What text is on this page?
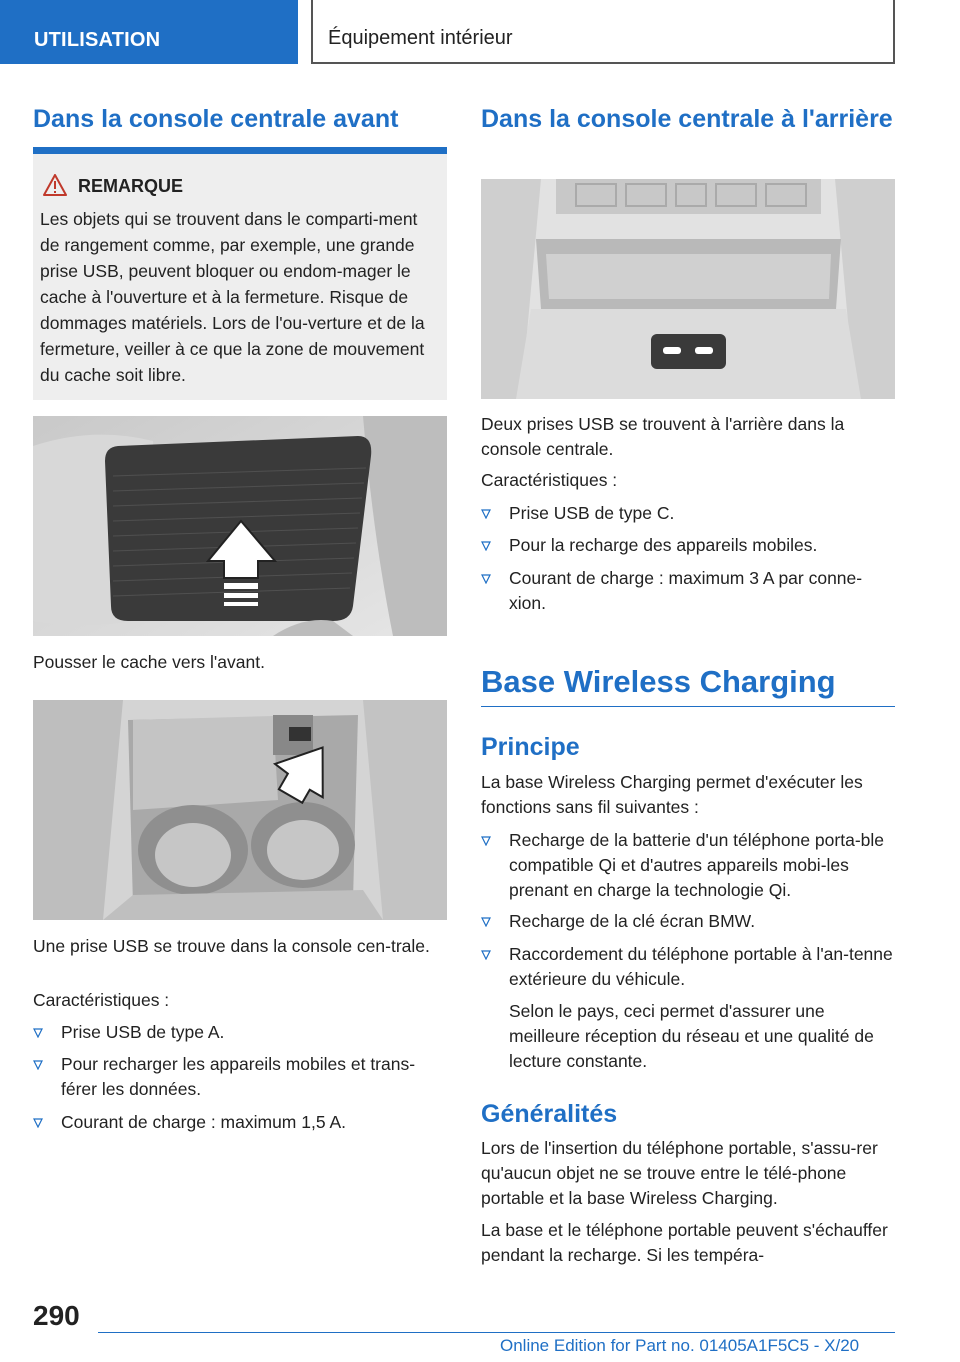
UTILISATION	Équipement intérieur
Dans la console centrale avant
REMARQUE
Les objets qui se trouvent dans le comparti-ment de rangement comme, par exemple, une grande prise USB, peuvent bloquer ou endom-mager le cache à l'ouverture et à la fermeture. Risque de dommages matériels. Lors de l'ou-verture et de la fermeture, veiller à ce que la zone de mouvement du cache soit libre.
Pousser le cache vers l'avant.
Une prise USB se trouve dans la console cen-trale.
Caractéristiques :
Prise USB de type A.
Pour recharger les appareils mobiles et trans-férer les données.
Courant de charge : maximum 1,5 A.
Dans la console centrale à l'arrière
Deux prises USB se trouvent à l'arrière dans la console centrale.
Caractéristiques :
Prise USB de type C.
Pour la recharge des appareils mobiles.
Courant de charge : maximum 3 A par conne-xion.
Base Wireless Charging
Principe
La base Wireless Charging permet d'exécuter les fonctions sans fil suivantes :
Recharge de la batterie d'un téléphone porta-ble compatible Qi et d'autres appareils mobi-les prenant en charge la technologie Qi.
Recharge de la clé écran BMW.
Raccordement du téléphone portable à l'an-tenne extérieure du véhicule.
Selon le pays, ceci permet d'assurer une meilleure réception du réseau et une qualité de lecture constante.
Généralités
Lors de l'insertion du téléphone portable, s'assu-rer qu'aucun objet ne se trouve entre le télé-phone portable et la base Wireless Charging.
La base et le téléphone portable peuvent s'échauffer pendant la recharge. Si les tempéra-
290
Online Edition for Part no. 01405A1F5C5 - X/20
